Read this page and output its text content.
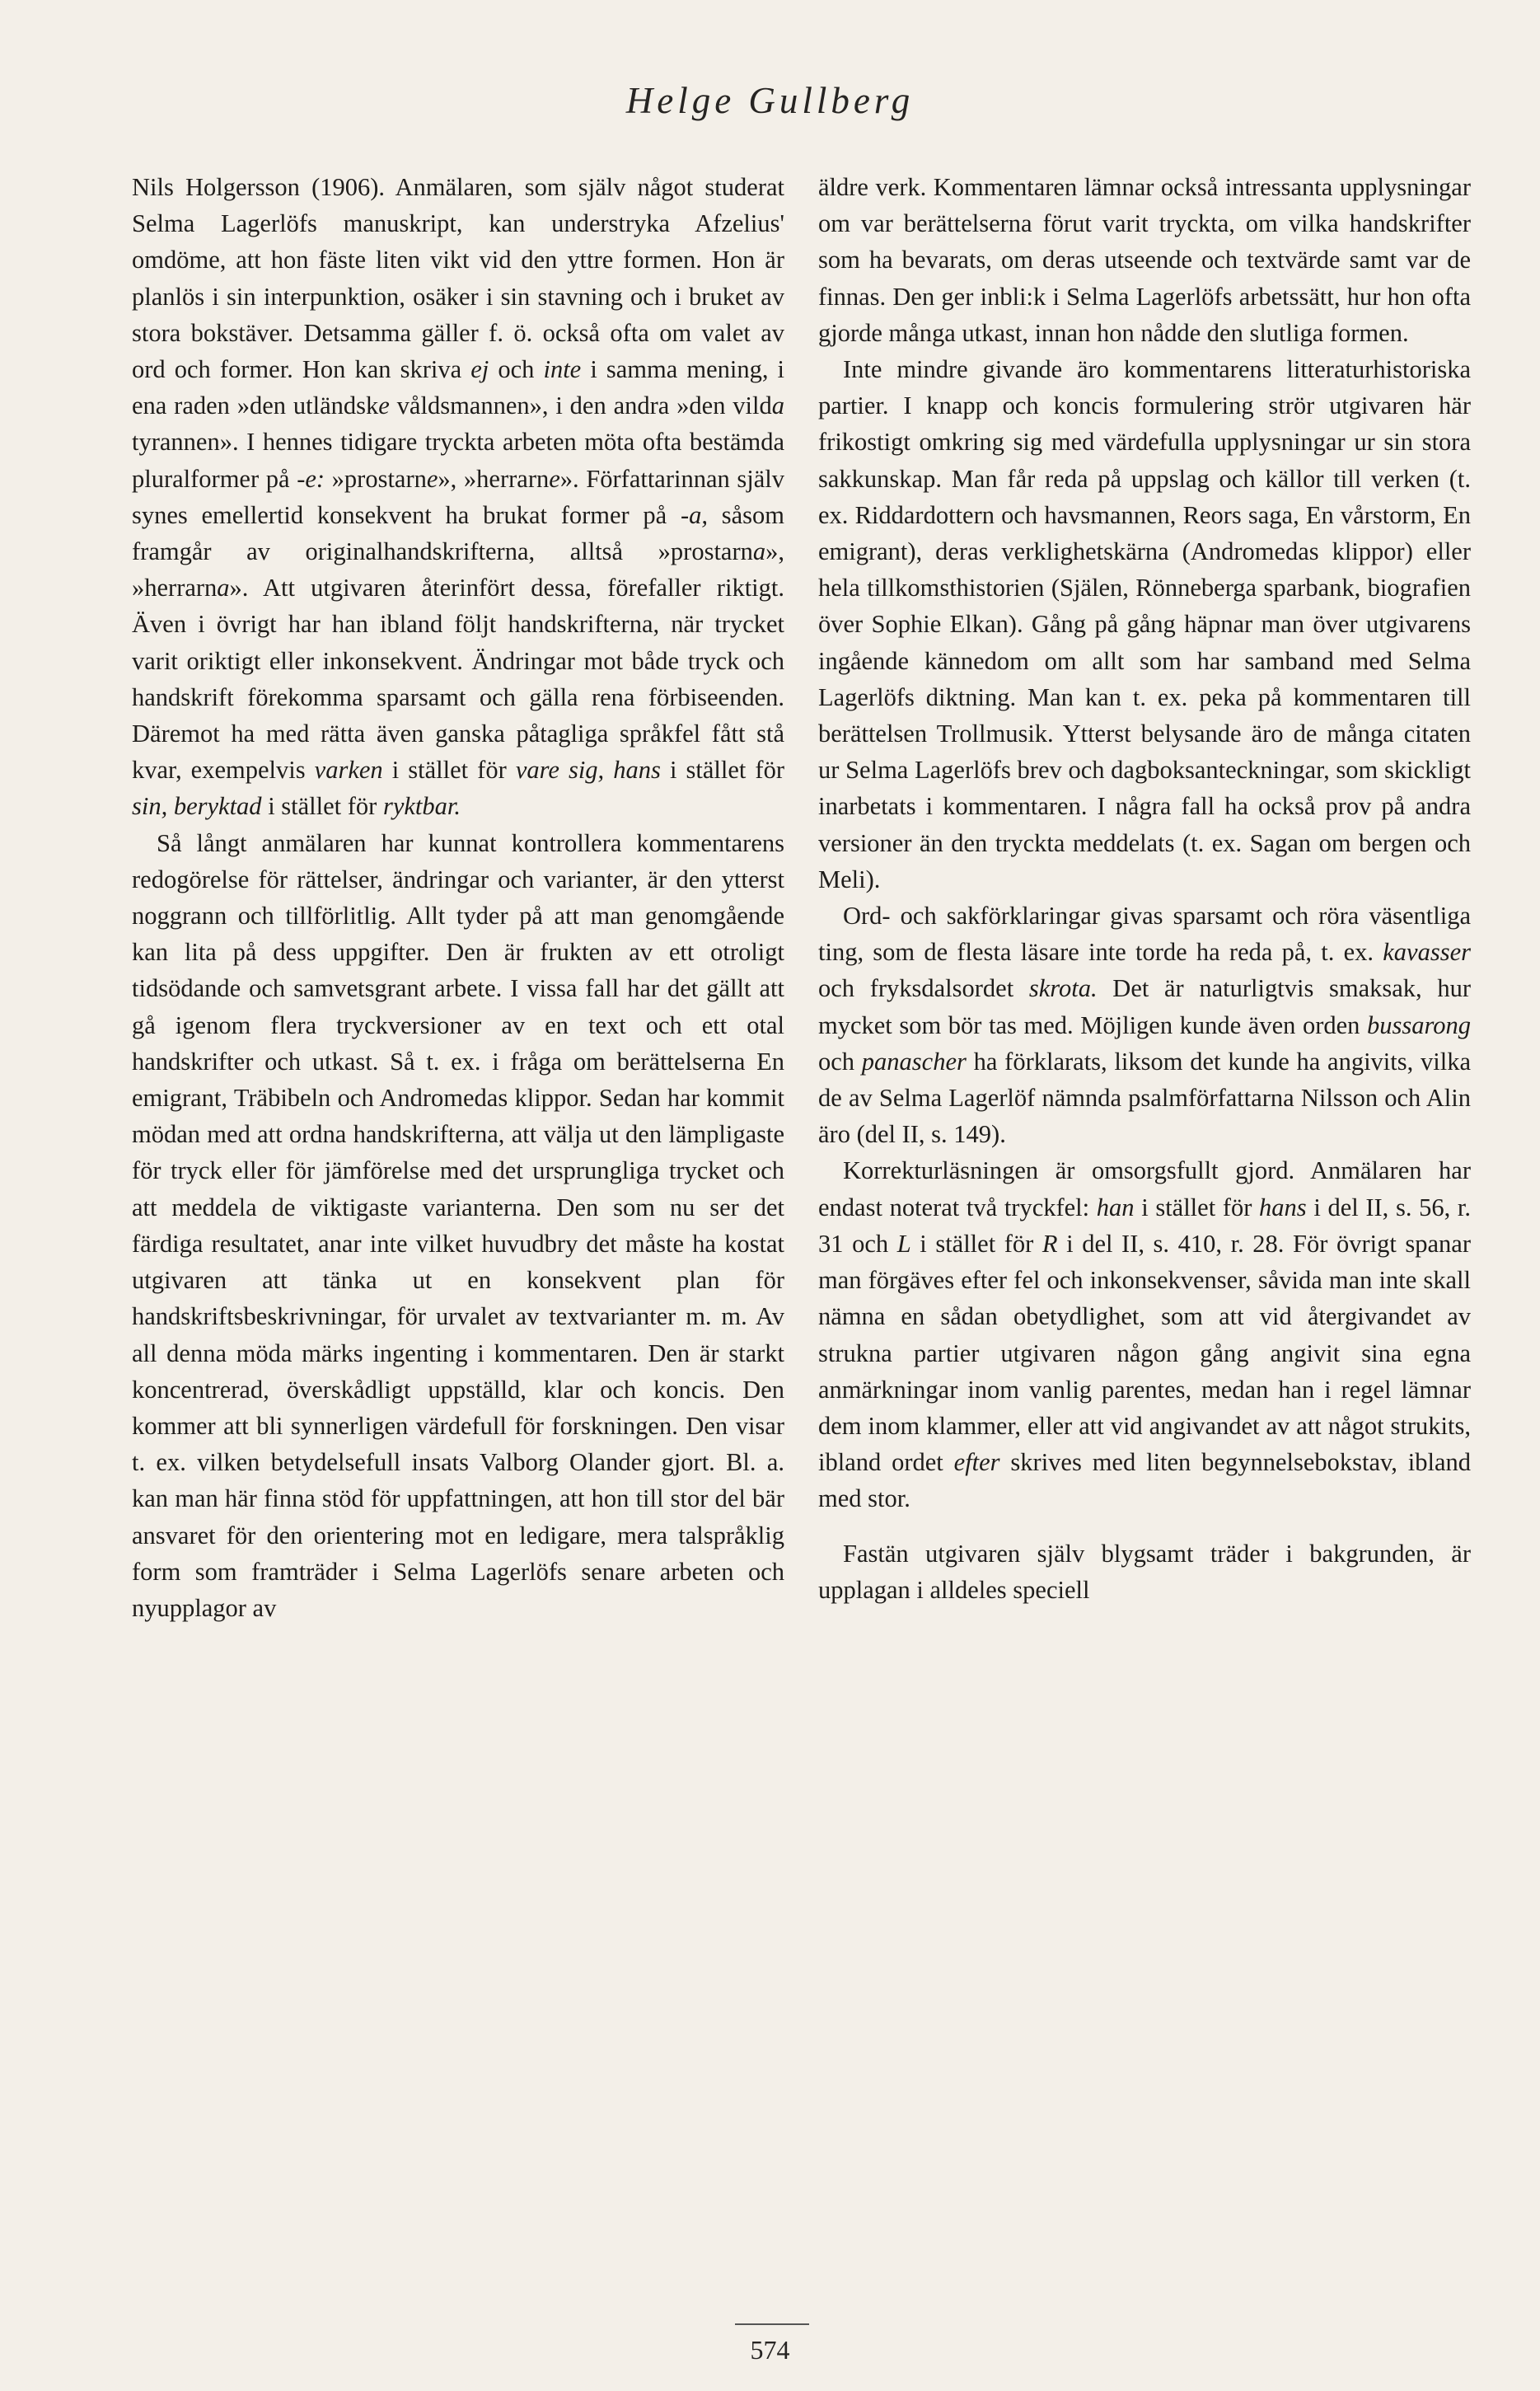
Helge Gullberg

Nils Holgersson (1906). Anmälaren, som själv något studerat Selma Lagerlöfs manuskript, kan understryka Afzelius' omdöme, att hon fäste liten vikt vid den yttre formen. Hon är planlös i sin interpunktion, osäker i sin stavning och i bruket av stora bokstäver. Detsamma gäller f. ö. också ofta om valet av ord och former. Hon kan skriva ej och inte i samma mening, i ena raden »den utländske våldsmannen», i den andra »den vilda tyrannen». I hennes tidigare tryckta arbeten möta ofta bestämda pluralformer på -e: »prostarne», »herrarne». Författarinnan själv synes emellertid konsekvent ha brukat former på -a, såsom framgår av originalhandskrifterna, alltså »prostarna», »herrarna». Att utgivaren återinfört dessa, förefaller riktigt. Även i övrigt har han ibland följt handskrifterna, när trycket varit oriktigt eller inkonsekvent. Ändringar mot både tryck och handskrift förekomma sparsamt och gälla rena förbiseenden. Däremot ha med rätta även ganska påtagliga språkfel fått stå kvar, exempelvis varken i stället för vare sig, hans i stället för sin, beryktad i stället för ryktbar.

Så långt anmälaren har kunnat kontrollera kommentarens redogörelse för rättelser, ändringar och varianter, är den ytterst noggrann och tillförlitlig. Allt tyder på att man genomgående kan lita på dess uppgifter. Den är frukten av ett otroligt tidsödande och samvetsgrant arbete. I vissa fall har det gällt att gå igenom flera tryckversioner av en text och ett otal handskrifter och utkast. Så t. ex. i fråga om berättelserna En emigrant, Träbibeln och Andromedas klippor. Sedan har kommit mödan med att ordna handskrifterna, att välja ut den lämpligaste för tryck eller för jämförelse med det ursprungliga trycket och att meddela de viktigaste varianterna. Den som nu ser det färdiga resultatet, anar inte vilket huvudbry det måste ha kostat utgivaren att tänka ut en konsekvent plan för handskriftsbeskrivningar, för urvalet av textvarianter m. m. Av all denna möda märks ingenting i kommentaren. Den är starkt koncentrerad, överskådligt uppställd, klar och koncis. Den kommer att bli synnerligen värdefull för forskningen. Den visar t. ex. vilken betydelsefull insats Valborg Olander gjort. Bl. a. kan man här finna stöd för uppfattningen, att hon till stor del bär ansvaret för den orientering mot en ledigare, mera talspråklig form som framträder i Selma Lagerlöfs senare arbeten och nyupplagor av

äldre verk. Kommentaren lämnar också intressanta upplysningar om var berättelserna förut varit tryckta, om vilka handskrifter som ha bevarats, om deras utseende och textvärde samt var de finnas. Den ger inbli:k i Selma Lagerlöfs arbetssätt, hur hon ofta gjorde många utkast, innan hon nådde den slutliga formen.

Inte mindre givande äro kommentarens litteraturhistoriska partier. I knapp och koncis formulering strör utgivaren här frikostigt omkring sig med värdefulla upplysningar ur sin stora sakkunskap. Man får reda på uppslag och källor till verken (t. ex. Riddardottern och havsmannen, Reors saga, En vårstorm, En emigrant), deras verklighetskärna (Andromedas klippor) eller hela tillkomsthistorien (Själen, Rönneberga sparbank, biografien över Sophie Elkan). Gång på gång häpnar man över utgivarens ingående kännedom om allt som har samband med Selma Lagerlöfs diktning. Man kan t. ex. peka på kommentaren till berättelsen Trollmusik. Ytterst belysande äro de många citaten ur Selma Lagerlöfs brev och dagboksanteckningar, som skickligt inarbetats i kommentaren. I några fall ha också prov på andra versioner än den tryckta meddelats (t. ex. Sagan om bergen och Meli).

Ord- och sakförklaringar givas sparsamt och röra väsentliga ting, som de flesta läsare inte torde ha reda på, t. ex. kavasser och fryksdalsordet skrota. Det är naturligtvis smaksak, hur mycket som bör tas med. Möjligen kunde även orden bussarong och panascher ha förklarats, liksom det kunde ha angivits, vilka de av Selma Lagerlöf nämnda psalmförfattarna Nilsson och Alin äro (del II, s. 149).

Korrekturläsningen är omsorgsfullt gjord. Anmälaren har endast noterat två tryckfel: han i stället för hans i del II, s. 56, r. 31 och L i stället för R i del II, s. 410, r. 28. För övrigt spanar man förgäves efter fel och inkonsekvenser, såvida man inte skall nämna en sådan obetydlighet, som att vid återgivandet av strukna partier utgivaren någon gång angivit sina egna anmärkningar inom vanlig parentes, medan han i regel lämnar dem inom klammer, eller att vid angivandet av att något strukits, ibland ordet efter skrives med liten begynnelsebokstav, ibland med stor.

Fastän utgivaren själv blygsamt träder i bakgrunden, är upplagan i alldeles speciell

574
